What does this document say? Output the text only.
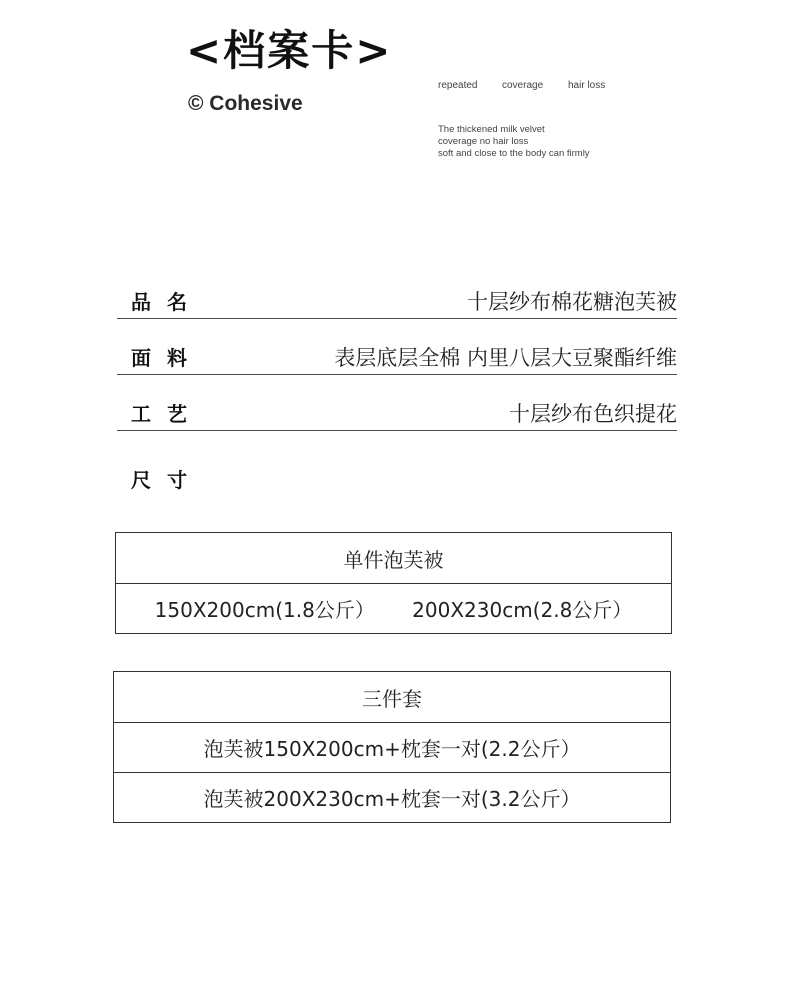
<档案卡>
© Cohesive
repeated coverage hair loss
The thickened milk velvet
coverage no hair loss
soft and close to the body can firmly
品名	十层纱布棉花糖泡芙被
面料	表层底层全棉 内里八层大豆聚酯纤维
工艺	十层纱布色织提花
尺寸
单件泡芙被
150X200cm(1.8公斤） 200X230cm(2.8公斤）
三件套
泡芙被150X200cm+枕套一对(2.2公斤）
泡芙被200X230cm+枕套一对(3.2公斤）
